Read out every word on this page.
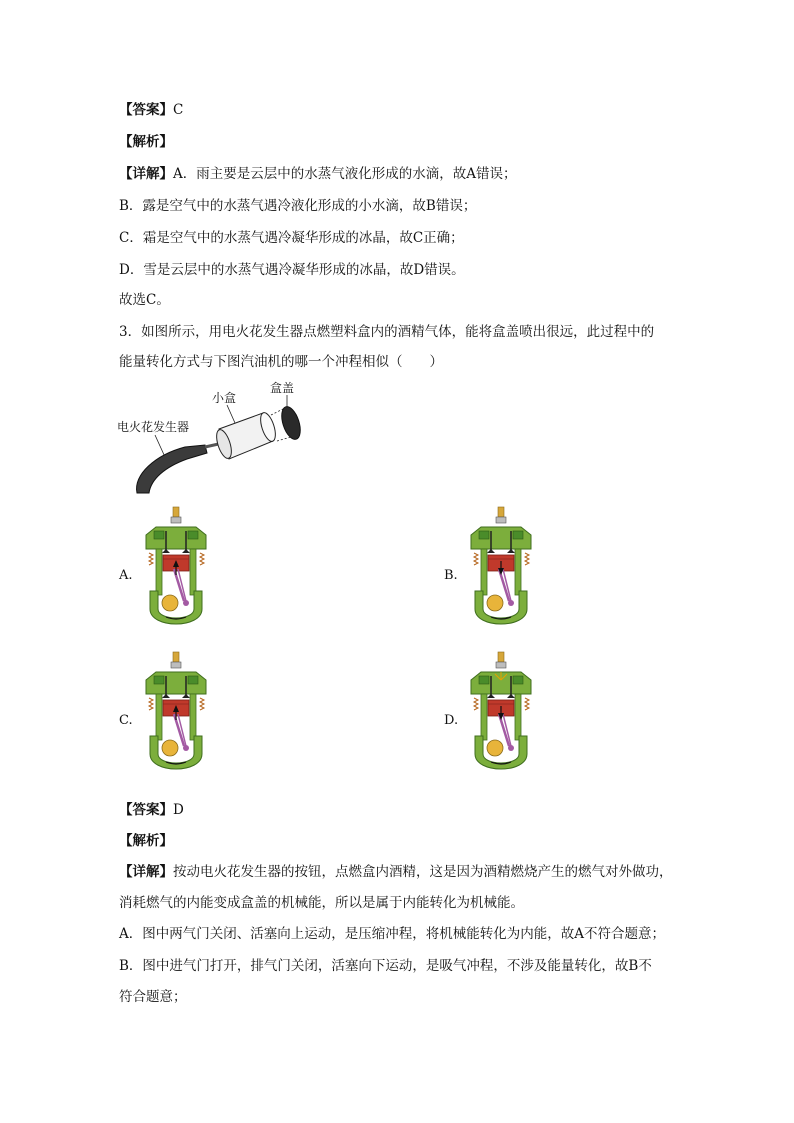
【答案】C
【解析】
【详解】A．雨主要是云层中的水蒸气液化形成的水滴，故A错误；
B．露是空气中的水蒸气遇冷液化形成的小水滴，故B错误；
C．霜是空气中的水蒸气遇冷凝华形成的冰晶，故C正确；
D．雪是云层中的水蒸气遇冷凝华形成的冰晶，故D错误。
故选C。
3．如图所示，用电火花发生器点燃塑料盒内的酒精气体，能将盒盖喷出很远，此过程中的
能量转化方式与下图汽油机的哪一个冲程相似（　　）
盒盖
小盒
电火花发生器
A.	B.
C.	D.
【答案】D
【解析】
【详解】按动电火花发生器的按钮，点燃盒内酒精，这是因为酒精燃烧产生的燃气对外做功，
消耗燃气的内能变成盒盖的机械能，所以是属于内能转化为机械能。
A．图中两气门关闭、活塞向上运动，是压缩冲程，将机械能转化为内能，故A不符合题意；
B．图中进气门打开，排气门关闭，活塞向下运动，是吸气冲程，不涉及能量转化，故B不
符合题意；
